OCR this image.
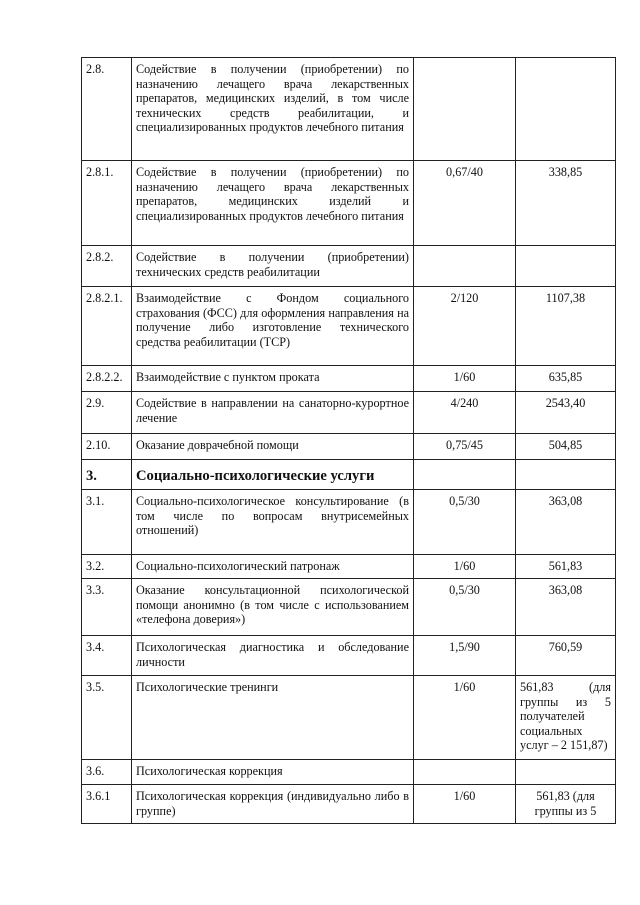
2.8.	Содействие в получении (приобретении) по назначению лечащего врача лекарственных препаратов, медицинских изделий, в том числе технических средств реабилитации, и специализированных продуктов лечебного питания		
2.8.1.	Содействие в получении (приобретении) по назначению лечащего врача лекарственных препаратов, медицинских изделий и специализированных продуктов лечебного питания	0,67/40	338,85
2.8.2.	Содействие в получении (приобретении) технических средств реабилитации		
2.8.2.1.	Взаимодействие с Фондом социального страхования (ФСС) для оформления направления на получение либо изготовление технического средства реабилитации (ТСР)	2/120	1107,38
2.8.2.2.	Взаимодействие с пунктом проката	1/60	635,85
2.9.	Содействие в направлении на санаторно-курортное лечение	4/240	2543,40
2.10.	Оказание доврачебной помощи	0,75/45	504,85
3.	Социально-психологические услуги		
3.1.	Социально-психологическое консультирование (в том числе по вопросам внутрисемейных отношений)	0,5/30	363,08
3.2.	Социально-психологический патронаж	1/60	561,83
3.3.	Оказание консультационной психологической помощи анонимно (в том числе с использованием «телефона доверия»)	0,5/30	363,08
3.4.	Психологическая диагностика и обследование личности	1,5/90	760,59
3.5.	Психологические тренинги	1/60	561,83 (для группы из 5 получателей социальных услуг – 2 151,87)
3.6.	Психологическая коррекция		
3.6.1	Психологическая коррекция (индивидуально либо в группе)	1/60	561,83 (для группы из 5
